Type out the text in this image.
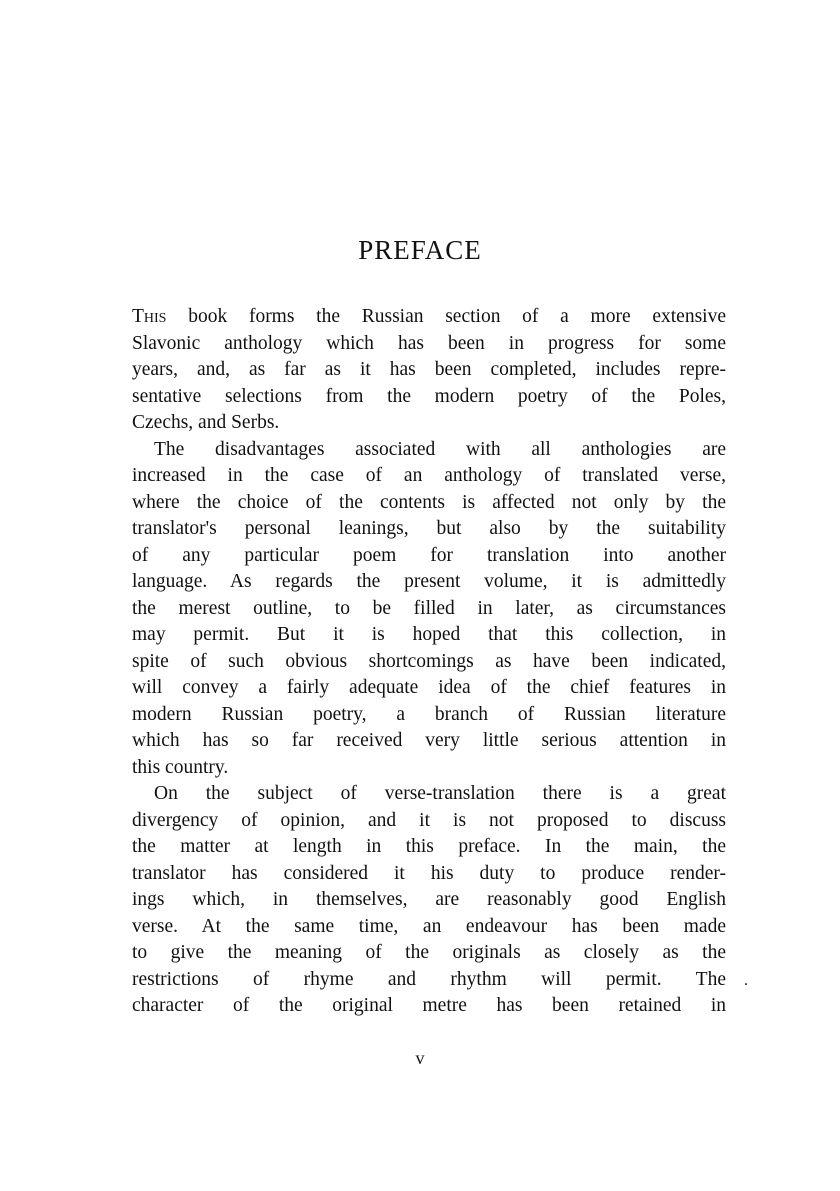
PREFACE
This book forms the Russian section of a more extensive
Slavonic anthology which has been in progress for some
years, and, as far as it has been completed, includes repre-
sentative selections from the modern poetry of the Poles,
Czechs, and Serbs.
The disadvantages associated with all anthologies are
increased in the case of an anthology of translated verse,
where the choice of the contents is affected not only by the
translator's personal leanings, but also by the suitability
of any particular poem for translation into another
language. As regards the present volume, it is admittedly
the merest outline, to be filled in later, as circumstances
may permit. But it is hoped that this collection, in
spite of such obvious shortcomings as have been indicated,
will convey a fairly adequate idea of the chief features in
modern Russian poetry, a branch of Russian literature
which has so far received very little serious attention in
this country.
On the subject of verse-translation there is a great
divergency of opinion, and it is not proposed to discuss
the matter at length in this preface. In the main, the
translator has considered it his duty to produce render-
ings which, in themselves, are reasonably good English
verse. At the same time, an endeavour has been made
to give the meaning of the originals as closely as the
restrictions of rhyme and rhythm will permit. The
character of the original metre has been retained in
.
v
